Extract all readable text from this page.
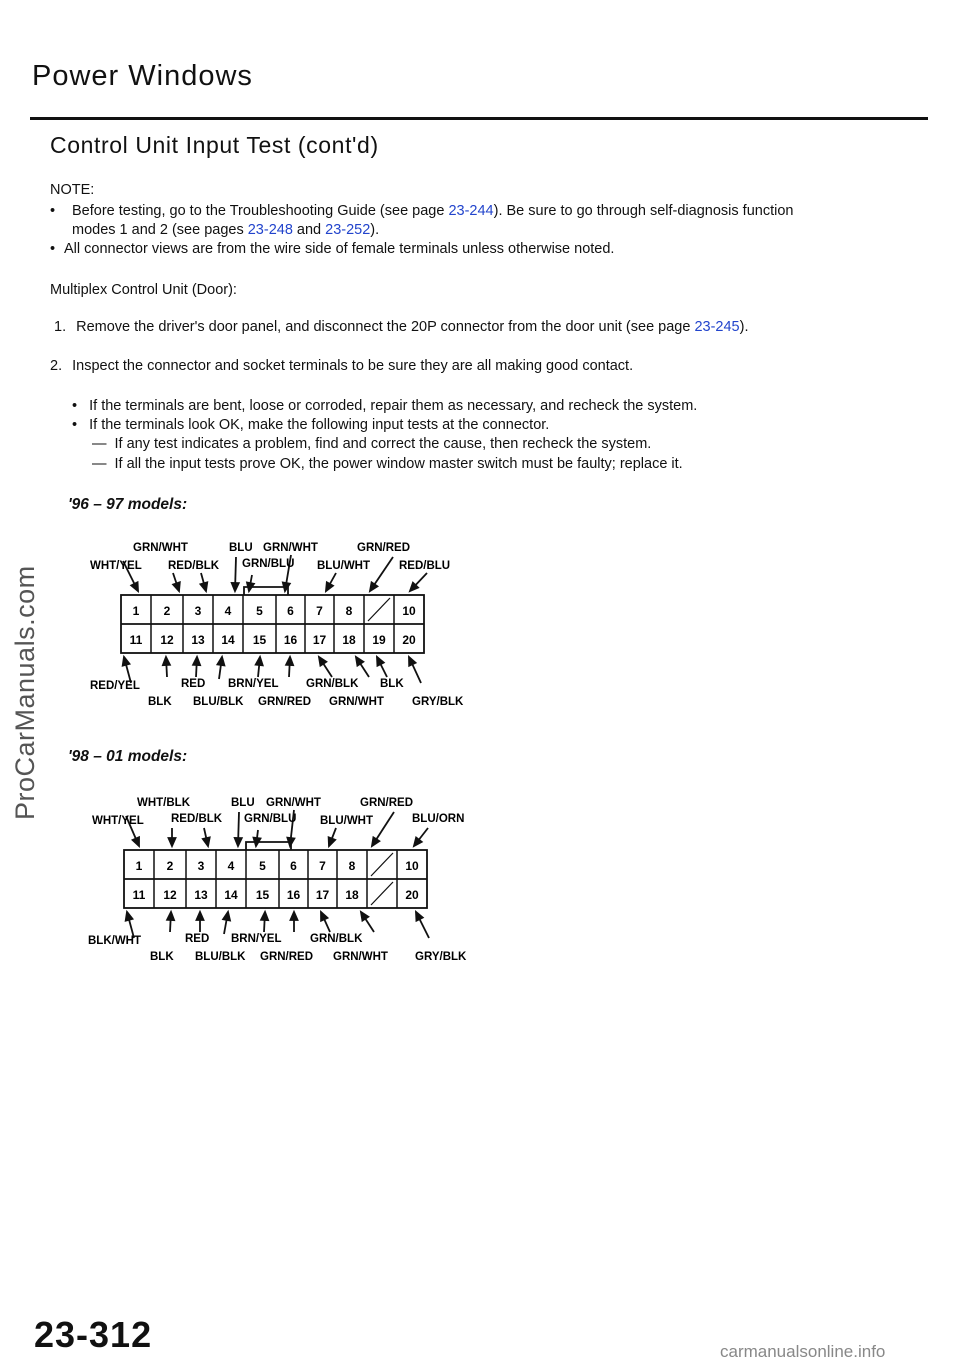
Power Windows
Control Unit Input Test (cont'd)
NOTE:
• Before testing, go to the Troubleshooting Guide (see page 23-244). Be sure to go through self-diagnosis function
modes 1 and 2 (see pages 23-248 and 23-252).
• All connector views are from the wire side of female terminals unless otherwise noted.
Multiplex Control Unit (Door):
1. Remove the driver's door panel, and disconnect the 20P connector from the door unit (see page 23-245).
2. Inspect the connector and socket terminals to be sure they are all making good contact.
• If the terminals are bent, loose or corroded, repair them as necessary, and recheck the system.
• If the terminals look OK, make the following input tests at the connector.
— If any test indicates a problem, find and correct the cause, then recheck the system.
— If all the input tests prove OK, the power window master switch must be faulty; replace it.
'96 – 97 models:
1
11
2
12
3
13
4
14
5
15
6
16
7
17
8
18 19
10
20
WHT/YEL
GRN/WHT
RED/BLK
BLU
GRN/BLU
GRN/WHT
BLU/WHT
GRN/RED
RED/BLU
RED/YEL
BLK
RED
BLU/BLK
BRN/YEL
GRN/RED
GRN/BLK
GRN/WHT
BLK
GRY/BLK
'98 – 01 models:
1
11
2
12
3
13
4
14
5
15
6
16
7
17
8
18
10
20
WHT/YEL
WHT/BLK
RED/BLK
BLU
GRN/BLU
GRN/WHT
BLU/WHT
GRN/RED
BLU/ORN
BLK/WHT
BLK
RED
BLU/BLK
BRN/YEL
GRN/RED
GRN/BLK
GRN/WHT GRY/BLK
ProCarManuals.com
23-312	carmanualsonline.info
